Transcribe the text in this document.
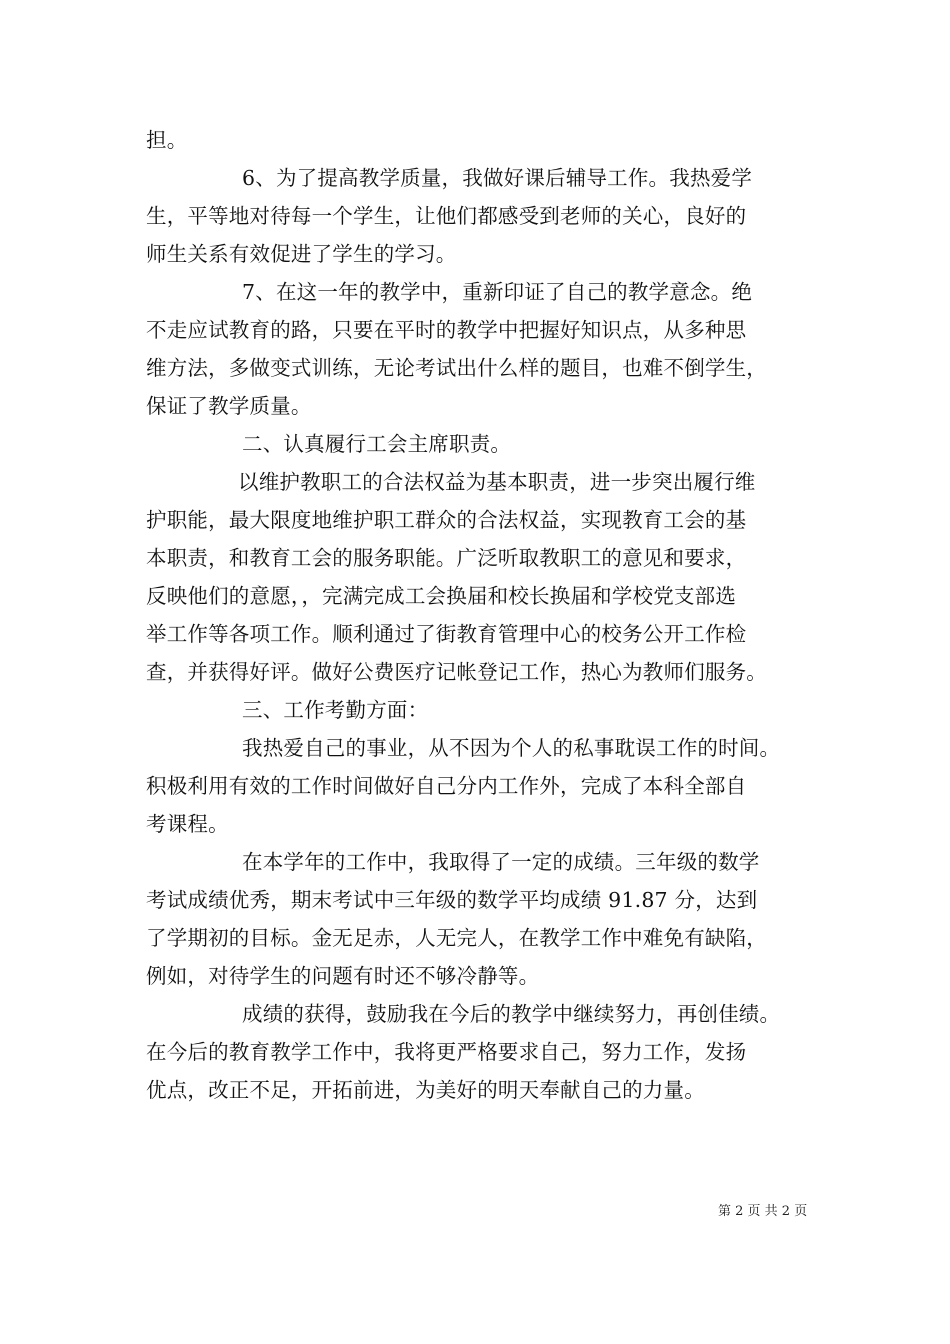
担。
6、为了提高教学质量，我做好课后辅导工作。我热爱学
生，平等地对待每一个学生，让他们都感受到老师的关心，良好的
师生关系有效促进了学生的学习。
7、在这一年的教学中，重新印证了自己的教学意念。绝
不走应试教育的路，只要在平时的教学中把握好知识点，从多种思
维方法，多做变式训练，无论考试出什么样的题目，也难不倒学生，
保证了教学质量。
二、认真履行工会主席职责。
以维护教职工的合法权益为基本职责，进一步突出履行维
护职能，最大限度地维护职工群众的合法权益，实现教育工会的基
本职责，和教育工会的服务职能。广泛听取教职工的意见和要求，
反映他们的意愿，，完满完成工会换届和校长换届和学校党支部选
举工作等各项工作。顺利通过了街教育管理中心的校务公开工作检
查，并获得好评。做好公费医疗记帐登记工作，热心为教师们服务。
三、工作考勤方面：
我热爱自己的事业，从不因为个人的私事耽误工作的时间。
积极利用有效的工作时间做好自己分内工作外，完成了本科全部自
考课程。
在本学年的工作中，我取得了一定的成绩。三年级的数学
考试成绩优秀，期末考试中三年级的数学平均成绩 91.87 分，达到
了学期初的目标。金无足赤，人无完人，在教学工作中难免有缺陷，
例如，对待学生的问题有时还不够冷静等。
成绩的获得，鼓励我在今后的教学中继续努力，再创佳绩。
在今后的教育教学工作中，我将更严格要求自己，努力工作，发扬
优点，改正不足，开拓前进，为美好的明天奉献自己的力量。
第 2 页 共 2 页
